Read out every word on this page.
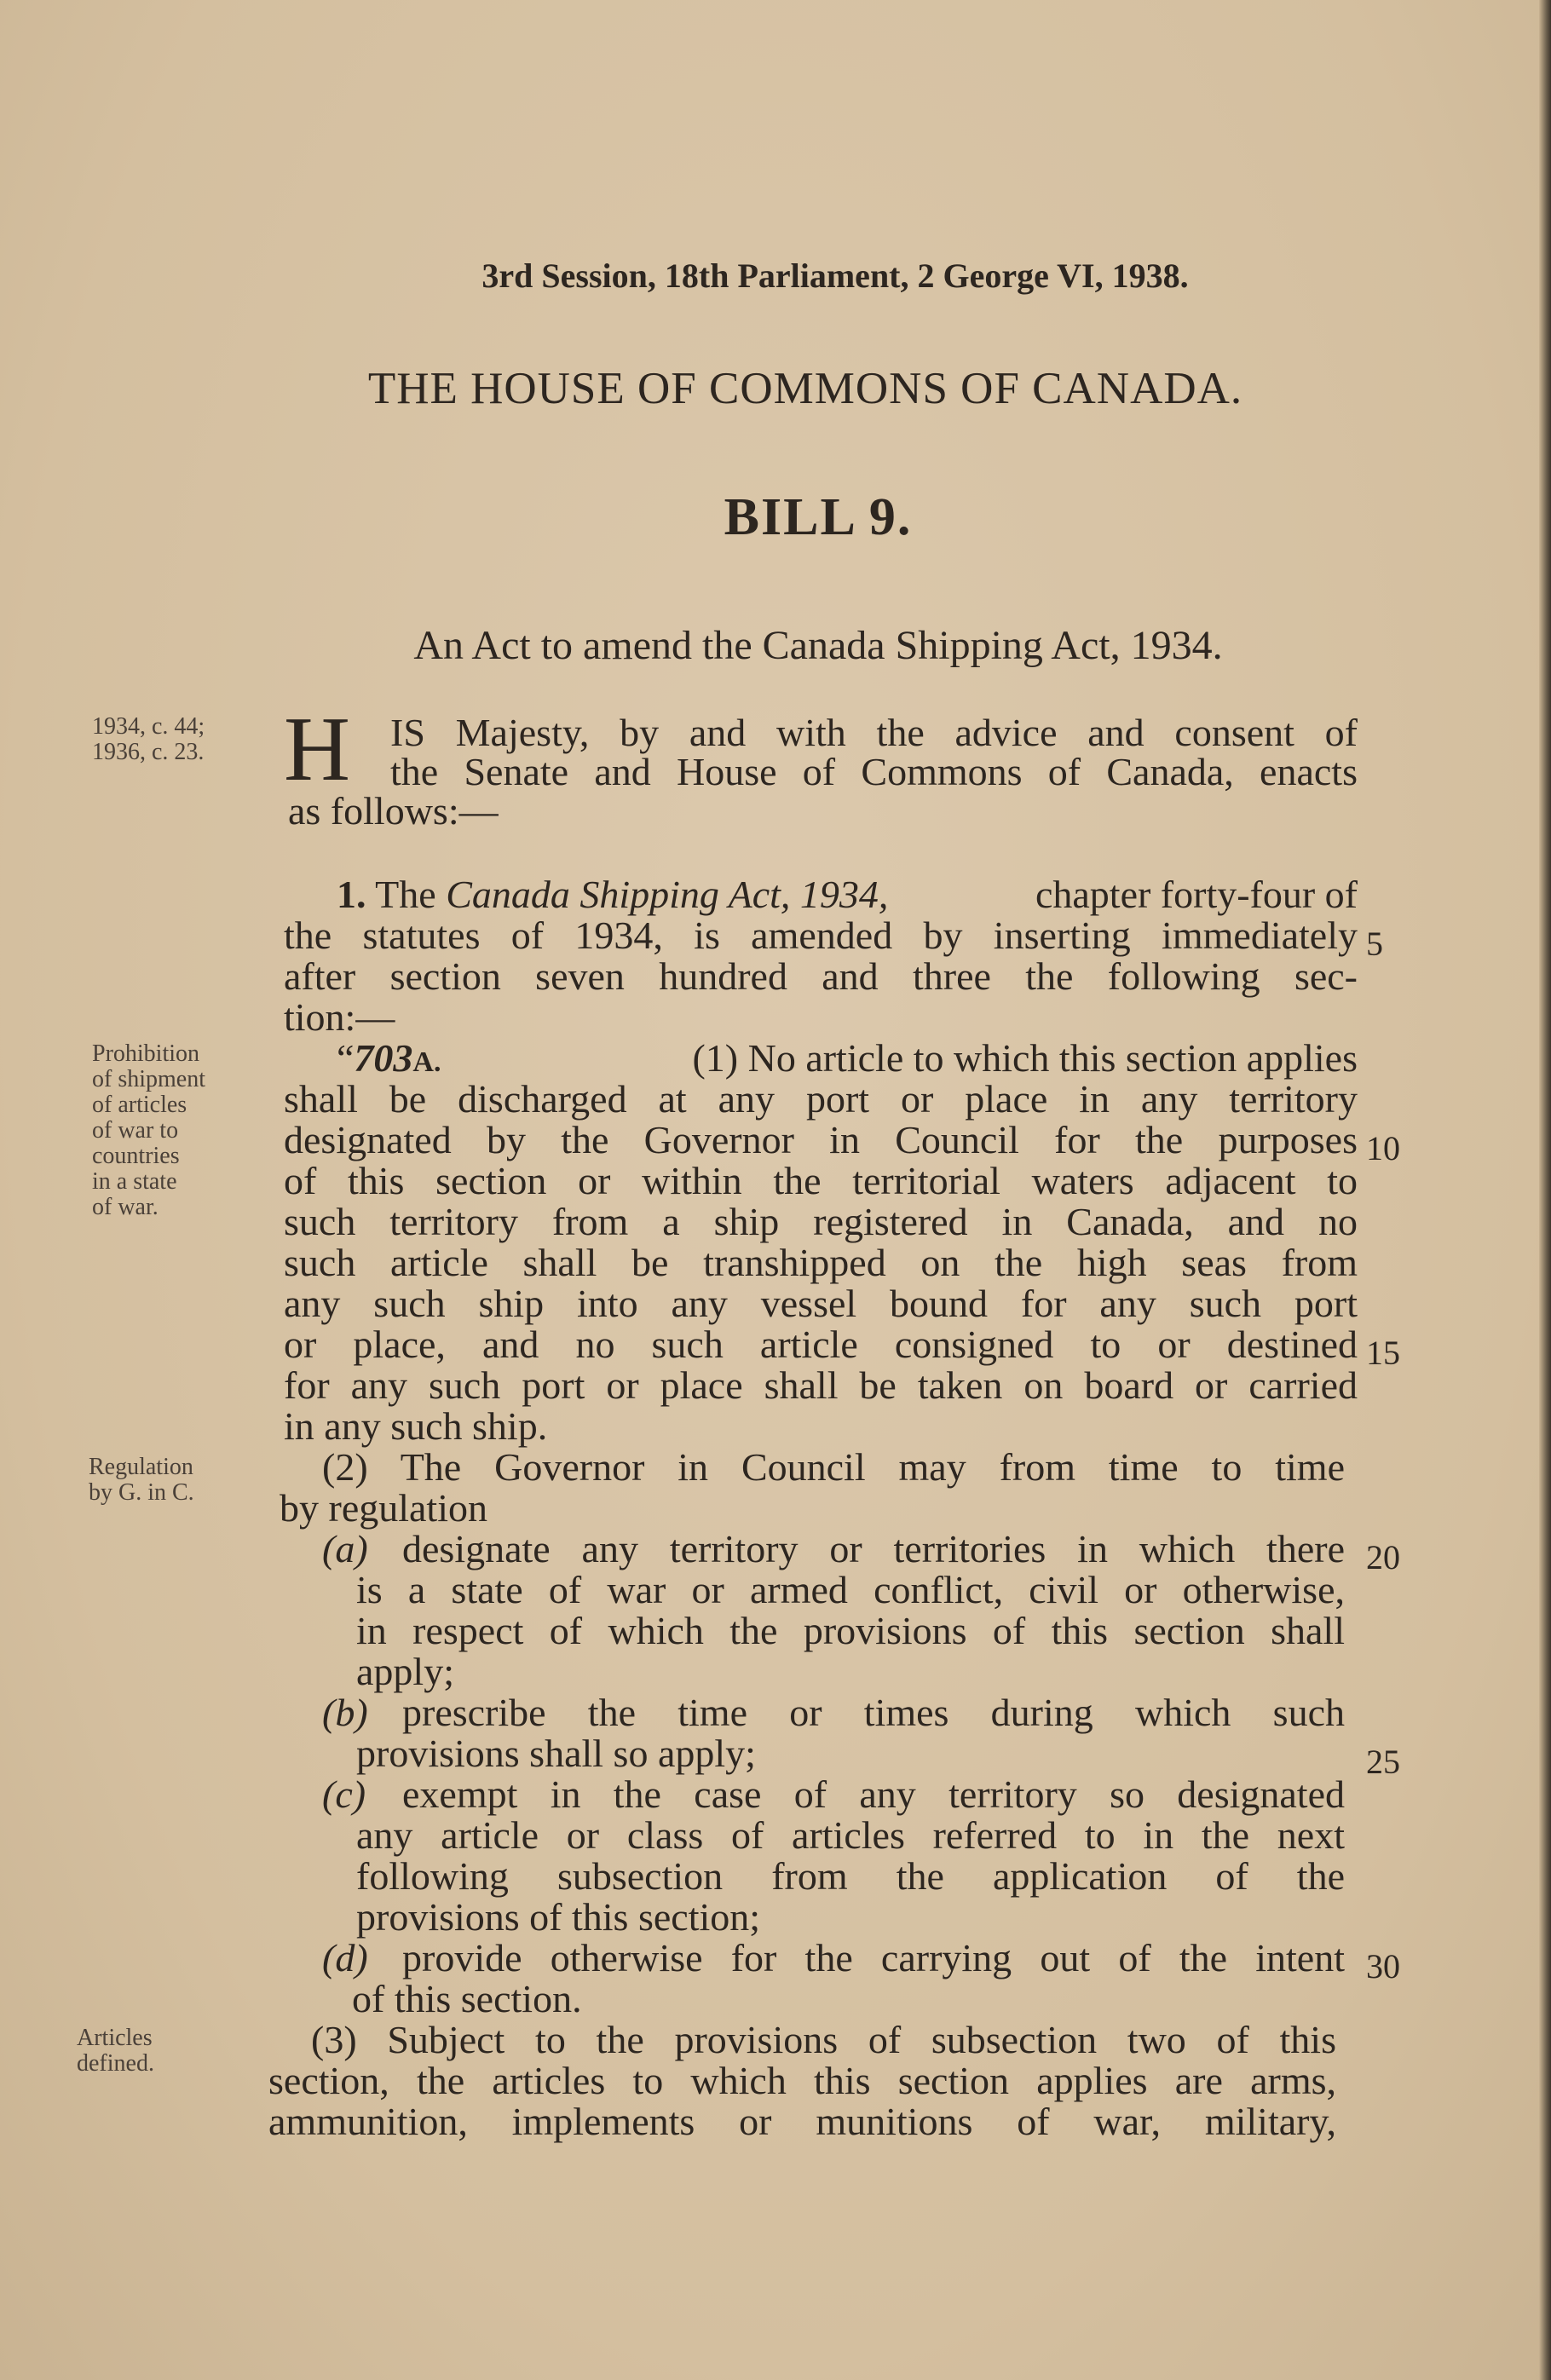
3rd Session, 18th Parliament, 2 George VI, 1938.
THE HOUSE OF COMMONS OF CANADA.
BILL 9.
An Act to amend the Canada Shipping Act, 1934.
1934, c. 44;
1936, c. 23.
Prohibition
of shipment
of articles
of war to
countries
in a state
of war.
Regulation
by G. in C.
Articles
defined.
H IS Majesty, by and with the advice and consent of
the Senate and House of Commons of Canada, enacts
as follows:—
1. The Canada Shipping Act, 1934,	chapter forty-four of
the statutes of 1934, is amended by inserting immediately
after section seven hundred and three the following sec-
tion:—
“703A.	(1) No article to which this section applies
shall be discharged at any port or place in any territory
designated by the Governor in Council for the purposes
of this section or within the territorial waters adjacent to
such territory from a ship registered in Canada, and no
such article shall be transhipped on the high seas from
any such ship into any vessel bound for any such port
or place, and no such article consigned to or destined
for any such port or place shall be taken on board or carried
in any such ship.
(2) The Governor in Council may from time to time
by regulation
(a) designate any territory or territories in which there
is a state of war or armed conflict, civil or otherwise,
in respect of which the provisions of this section shall
apply;
(b) prescribe the time or times during which such
provisions shall so apply;
(c) exempt in the case of any territory so designated
any article or class of articles referred to in the next
following subsection from the application of the
provisions of this section;
(d) provide otherwise for the carrying out of the intent
of this section.
(3) Subject to the provisions of subsection two of this
section, the articles to which this section applies are arms,
ammunition, implements or munitions of war, military,
5
10
15
20
25
30
